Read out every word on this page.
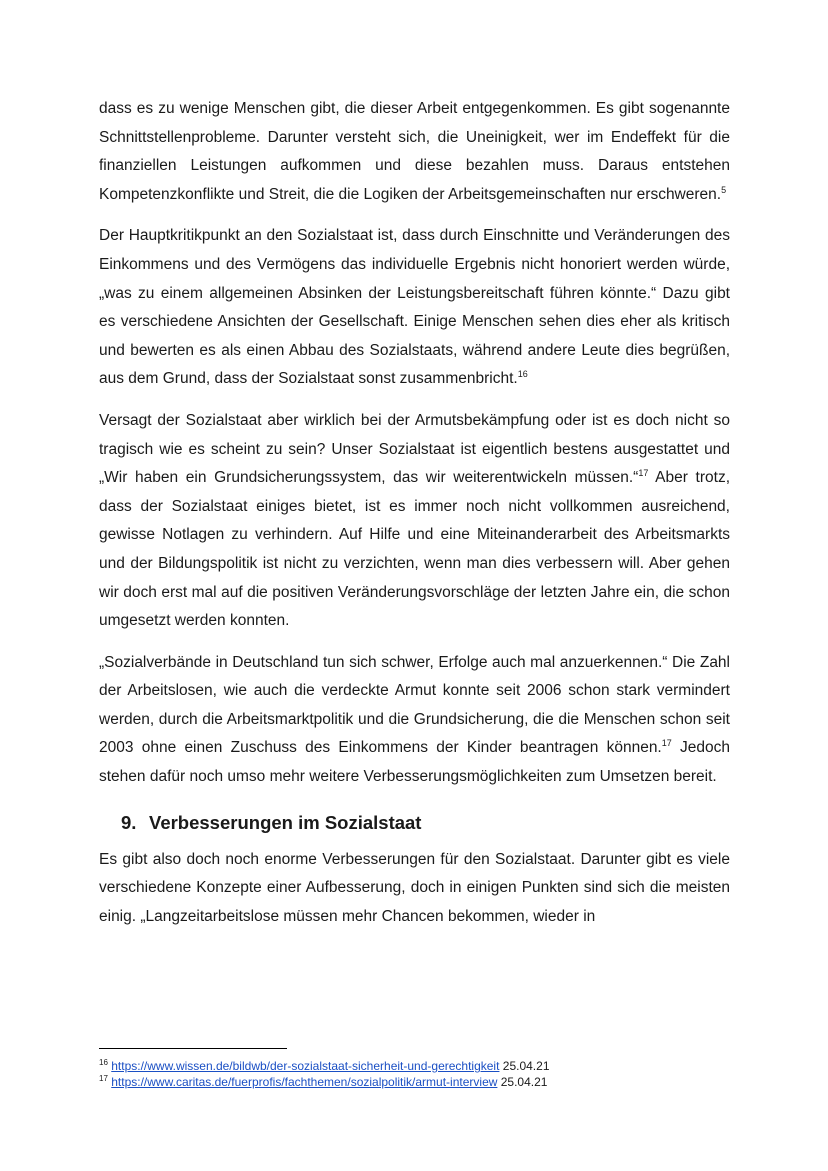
dass es zu wenige Menschen gibt, die dieser Arbeit entgegenkommen. Es gibt sogenannte Schnittstellenprobleme. Darunter versteht sich, die Uneinigkeit, wer im Endeffekt für die finanziellen Leistungen aufkommen und diese bezahlen muss. Daraus entstehen Kompetenzkonflikte und Streit, die die Logiken der Arbeitsgemeinschaften nur erschweren.$^5$

Der Hauptkritikpunkt an den Sozialstaat ist, dass durch Einschnitte und Veränderungen des Einkommens und des Vermögens das individuelle Ergebnis nicht honoriert werden würde, „was zu einem allgemeinen Absinken der Leistungsbereitschaft führen könnte.“ Dazu gibt es verschiedene Ansichten der Gesellschaft. Einige Menschen sehen dies eher als kritisch und bewerten es als einen Abbau des Sozialstaats, während andere Leute dies begrüßen, aus dem Grund, dass der Sozialstaat sonst zusammenbricht.$^{16}$

Versagt der Sozialstaat aber wirklich bei der Armutsbekämpfung oder ist es doch nicht so tragisch wie es scheint zu sein? Unser Sozialstaat ist eigentlich bestens ausgestattet und „Wir haben ein Grundsicherungssystem, das wir weiterentwickeln müssen.“$^{17}$ Aber trotz, dass der Sozialstaat einiges bietet, ist es immer noch nicht vollkommen ausreichend, gewisse Notlagen zu verhindern. Auf Hilfe und eine Miteinanderarbeit des Arbeitsmarkts und der Bildungspolitik ist nicht zu verzichten, wenn man dies verbessern will. Aber gehen wir doch erst mal auf die positiven Veränderungsvorschläge der letzten Jahre ein, die schon umgesetzt werden konnten.

„Sozialverbände in Deutschland tun sich schwer, Erfolge auch mal anzuerkennen.“ Die Zahl der Arbeitslosen, wie auch die verdeckte Armut konnte seit 2006 schon stark vermindert werden, durch die Arbeitsmarktpolitik und die Grundsicherung, die die Menschen schon seit 2003 ohne einen Zuschuss des Einkommens der Kinder beantragen können.$^{17}$ Jedoch stehen dafür noch umso mehr weitere Verbesserungsmöglichkeiten zum Umsetzen bereit.

9. Verbesserungen im Sozialstaat

Es gibt also doch noch enorme Verbesserungen für den Sozialstaat. Darunter gibt es viele verschiedene Konzepte einer Aufbesserung, doch in einigen Punkten sind sich die meisten einig. „Langzeitarbeitslose müssen mehr Chancen bekommen, wieder in

$^{16}$ https://www.wissen.de/bildwb/der-sozialstaat-sicherheit-und-gerechtigkeit 25.04.21
$^{17}$ https://www.caritas.de/fuerprofis/fachthemen/sozialpolitik/armut-interview 25.04.21
